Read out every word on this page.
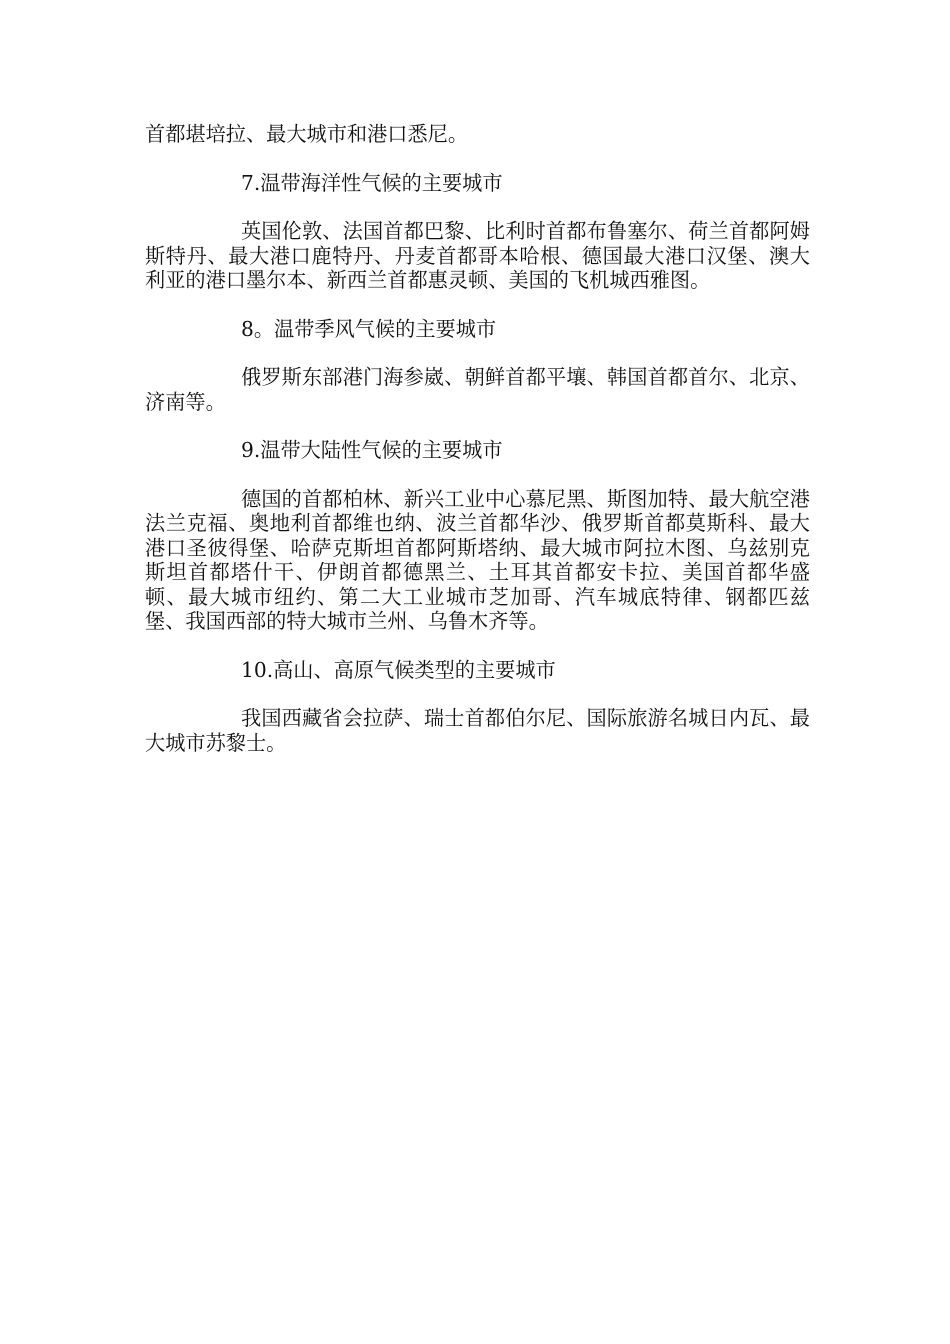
首都堪培拉、最大城市和港口悉尼。

7.温带海洋性气候的主要城市

英国伦敦、法国首都巴黎、比利时首都布鲁塞尔、荷兰首都阿姆斯特丹、最大港口鹿特丹、丹麦首都哥本哈根、德国最大港口汉堡、澳大利亚的港口墨尔本、新西兰首都惠灵顿、美国的飞机城西雅图。

8。温带季风气候的主要城市

俄罗斯东部港门海参崴、朝鲜首都平壤、韩国首都首尔、北京、济南等。

9.温带大陆性气候的主要城市

德国的首都柏林、新兴工业中心慕尼黑、斯图加特、最大航空港法兰克福、奥地利首都维也纳、波兰首都华沙、俄罗斯首都莫斯科、最大港口圣彼得堡、哈萨克斯坦首都阿斯塔纳、最大城市阿拉木图、乌兹别克斯坦首都塔什干、伊朗首都德黑兰、土耳其首都安卡拉、美国首都华盛顿、最大城市纽约、第二大工业城市芝加哥、汽车城底特律、钢都匹兹堡、我国西部的特大城市兰州、乌鲁木齐等。

10.高山、高原气候类型的主要城市

我国西藏省会拉萨、瑞士首都伯尔尼、国际旅游名城日内瓦、最大城市苏黎士。
